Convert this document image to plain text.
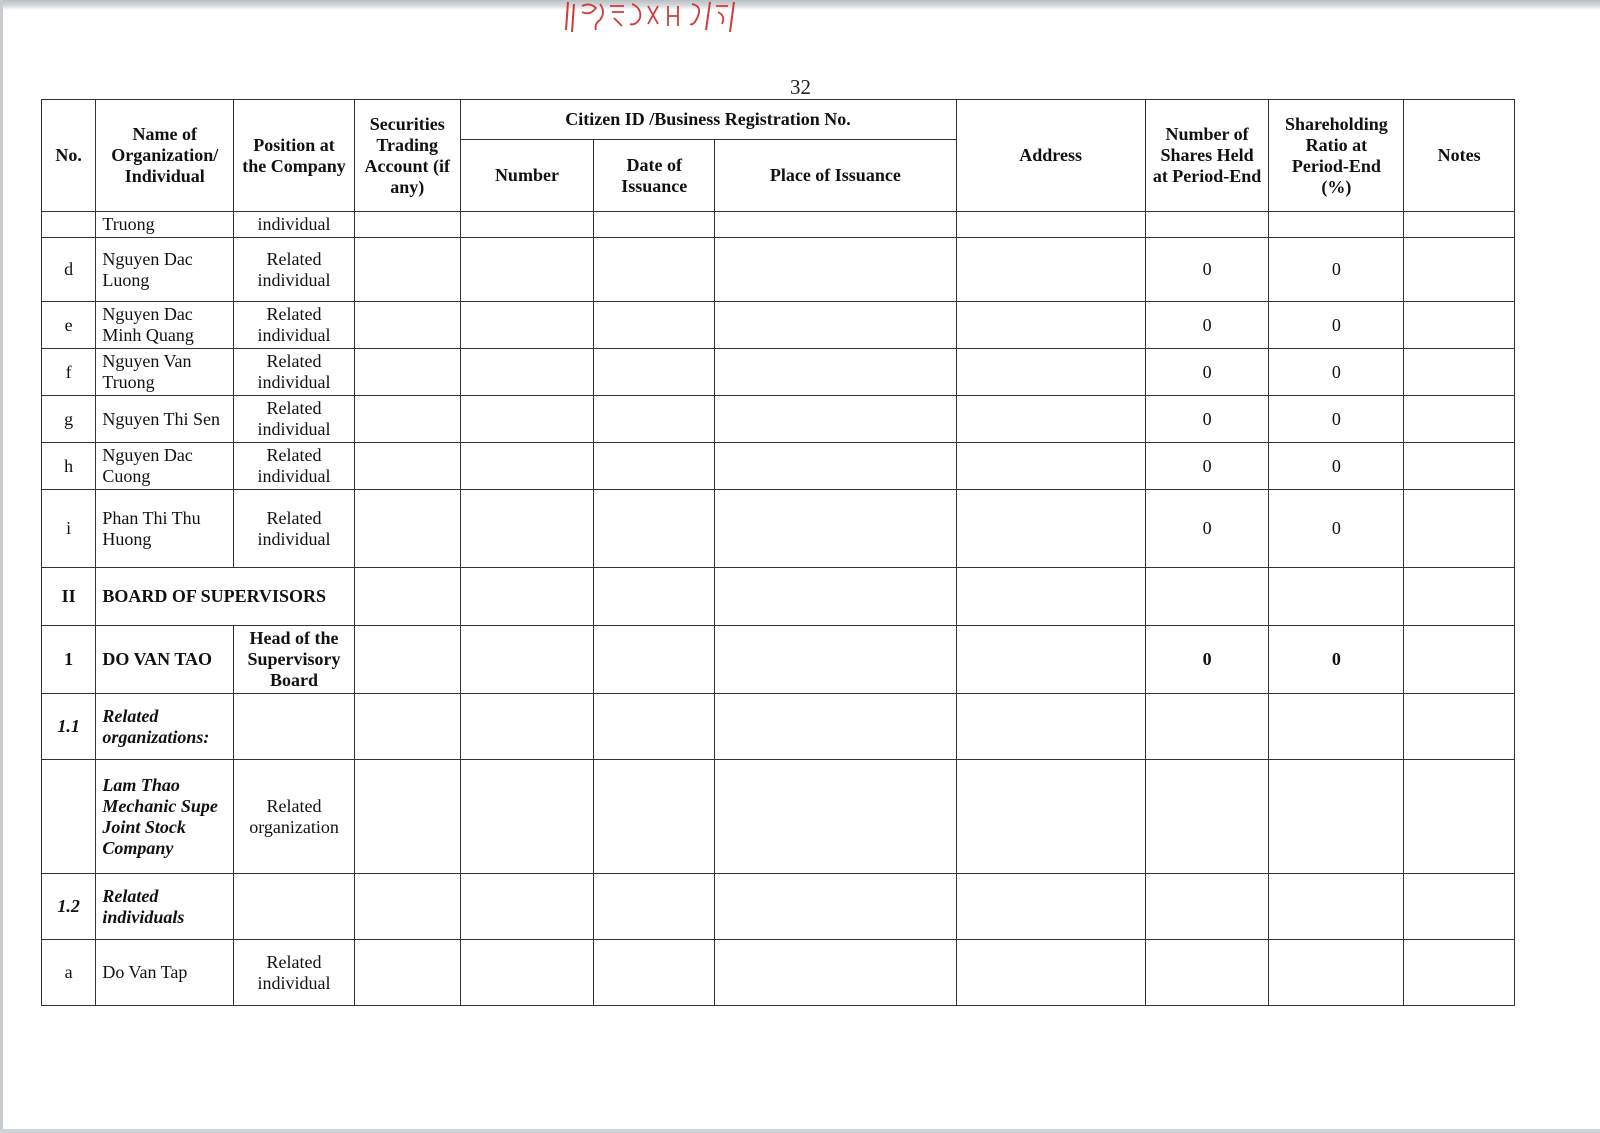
32
No.	Name of Organization/ Individual	Position at the Company	Securities Trading Account (if any)	Citizen ID /Business Registration No.			Address	Number of Shares Held at Period-End	Shareholding Ratio at Period-End (%)	Notes
				Number	Date of Issuance	Place of Issuance				
	Truong	individual								
d	Nguyen Dac Luong	Related individual						0	0	
e	Nguyen Dac Minh Quang	Related individual						0	0	
f	Nguyen Van Truong	Related individual						0	0	
g	Nguyen Thi Sen	Related individual						0	0	
h	Nguyen Dac Cuong	Related individual						0	0	
i	Phan Thi Thu Huong	Related individual						0	0	
II	BOARD OF SUPERVISORS									
1	DO VAN TAO	Head of the Supervisory Board						0	0	
1.1	Related organizations:									
	Lam Thao Mechanic Supe Joint Stock Company	Related organization								
1.2	Related individuals									
a	Do Van Tap	Related individual								
